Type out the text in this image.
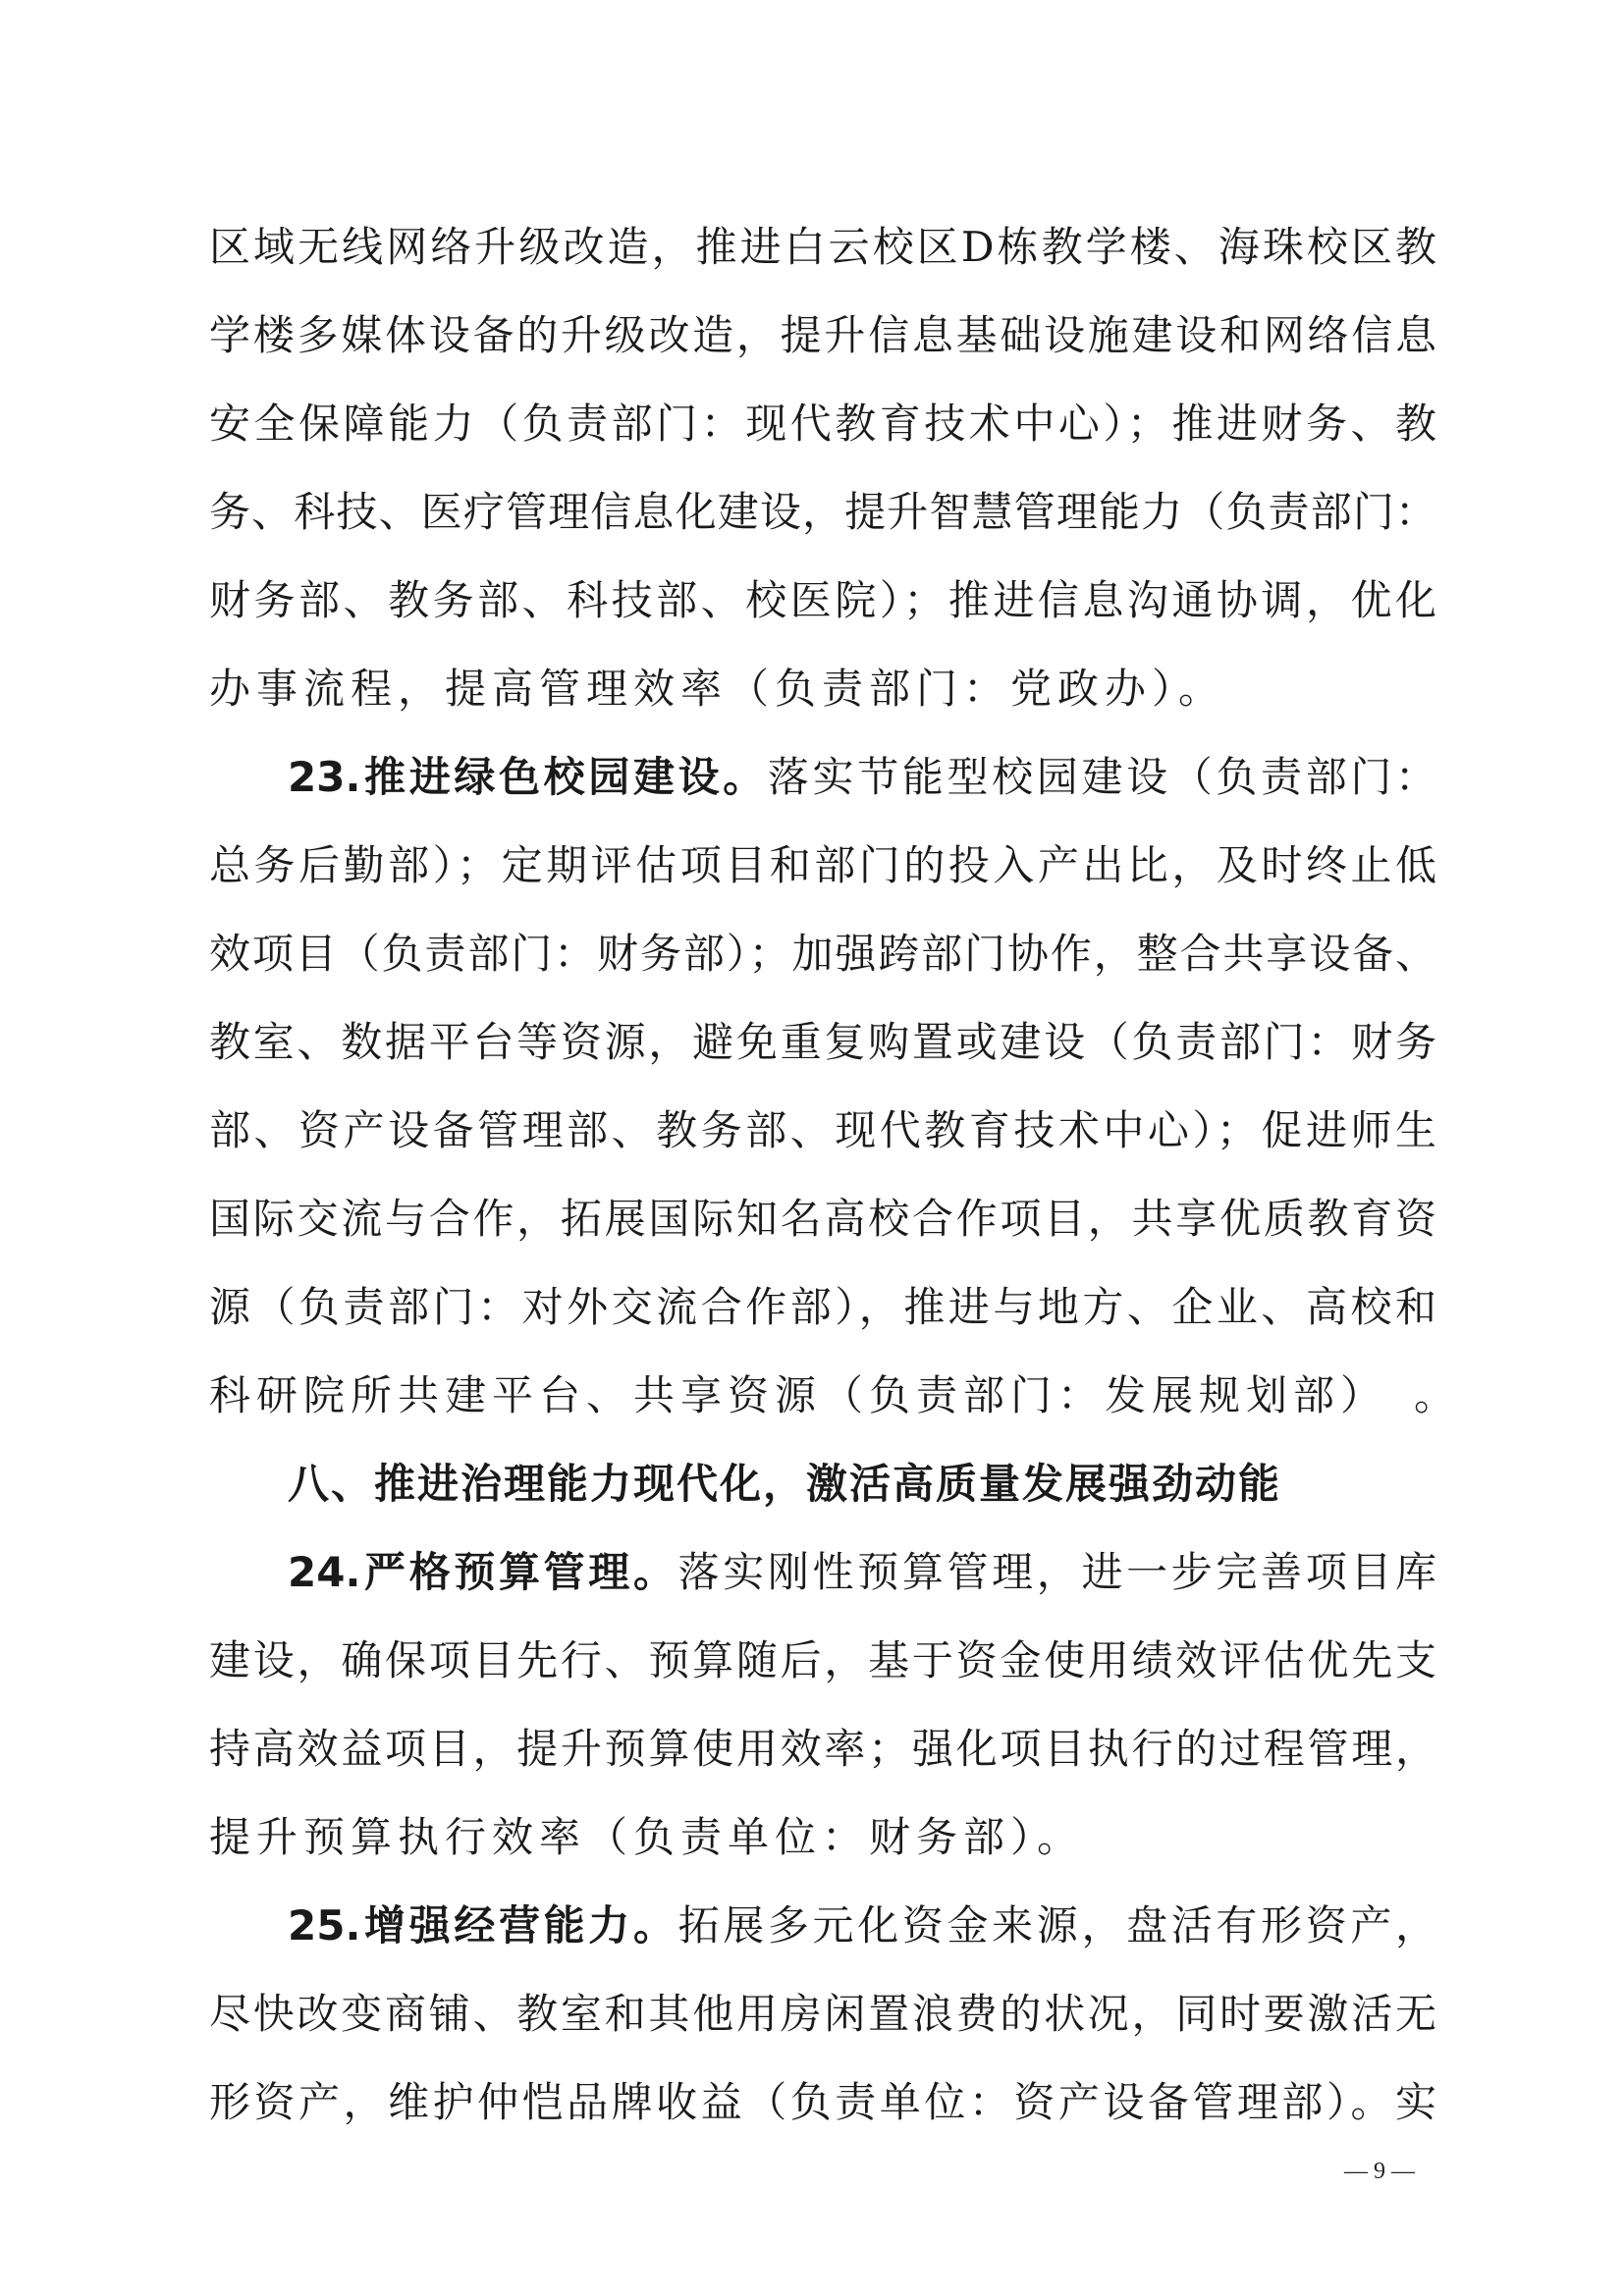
区域无线网络升级改造，推进白云校区D栋教学楼、海珠校区教
学楼多媒体设备的升级改造，提升信息基础设施建设和网络信息
安全保障能力（负责部门：现代教育技术中心）；推进财务、教
务、科技、医疗管理信息化建设，提升智慧管理能力（负责部门：
财务部、教务部、科技部、校医院）；推进信息沟通协调，优化
办事流程，提高管理效率（负责部门：党政办）。
23.推进绿色校园建设。落实节能型校园建设（负责部门：
总务后勤部）；定期评估项目和部门的投入产出比，及时终止低
效项目（负责部门：财务部）；加强跨部门协作，整合共享设备、
教室、数据平台等资源，避免重复购置或建设（负责部门：财务
部、资产设备管理部、教务部、现代教育技术中心）；促进师生
国际交流与合作，拓展国际知名高校合作项目，共享优质教育资
源（负责部门：对外交流合作部），推进与地方、企业、高校和
科研院所共建平台、共享资源（负责部门：发展规划部）　。
八、推进治理能力现代化，激活高质量发展强劲动能
24.严格预算管理。落实刚性预算管理，进一步完善项目库
建设，确保项目先行、预算随后，基于资金使用绩效评估优先支
持高效益项目，提升预算使用效率；强化项目执行的过程管理，
提升预算执行效率（负责单位：财务部）。
25.增强经营能力。拓展多元化资金来源，盘活有形资产，
尽快改变商铺、教室和其他用房闲置浪费的状况，同时要激活无
形资产，维护仲恺品牌收益（负责单位：资产设备管理部）。实
— 9 —
